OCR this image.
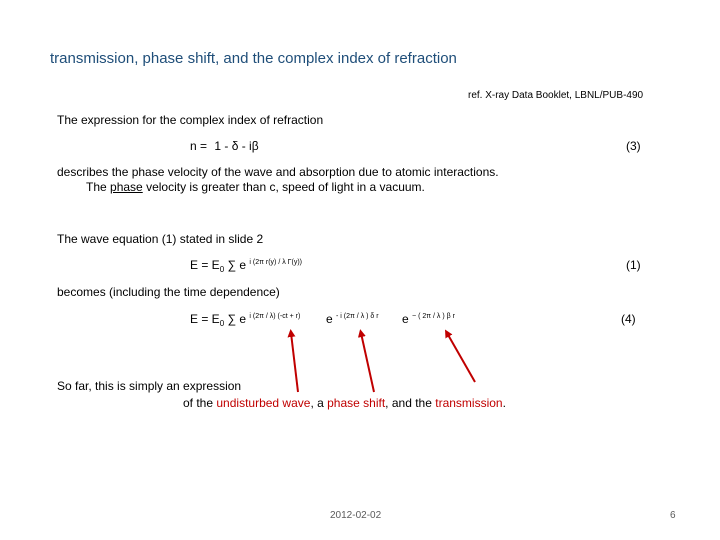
transmission, phase shift, and the complex index of refraction
ref. X-ray Data Booklet, LBNL/PUB-490
The expression for the complex index of refraction
n = 1 - δ - iβ	(3)
describes the phase velocity of the wave and absorption due to atomic interactions.
The phase velocity is greater than c, speed of light in a vacuum.
The wave equation (1) stated in slide 2
$E = E_0$ ∑ e $^{i (2\pi r(y) / \lambda \Gamma(y))}$	(1)
becomes (including the time dependence)
$E = E_0$ ∑ e $^{i (2\pi / \lambda) (-ct + r)}$ e $^{- i (2\pi / \lambda ) \delta r}$ e $^{- ( 2\pi / \lambda ) \beta r}$	(4)
So far, this is simply an expression
of the undisturbed wave, a phase shift, and the transmission.
2012-02-02	6
